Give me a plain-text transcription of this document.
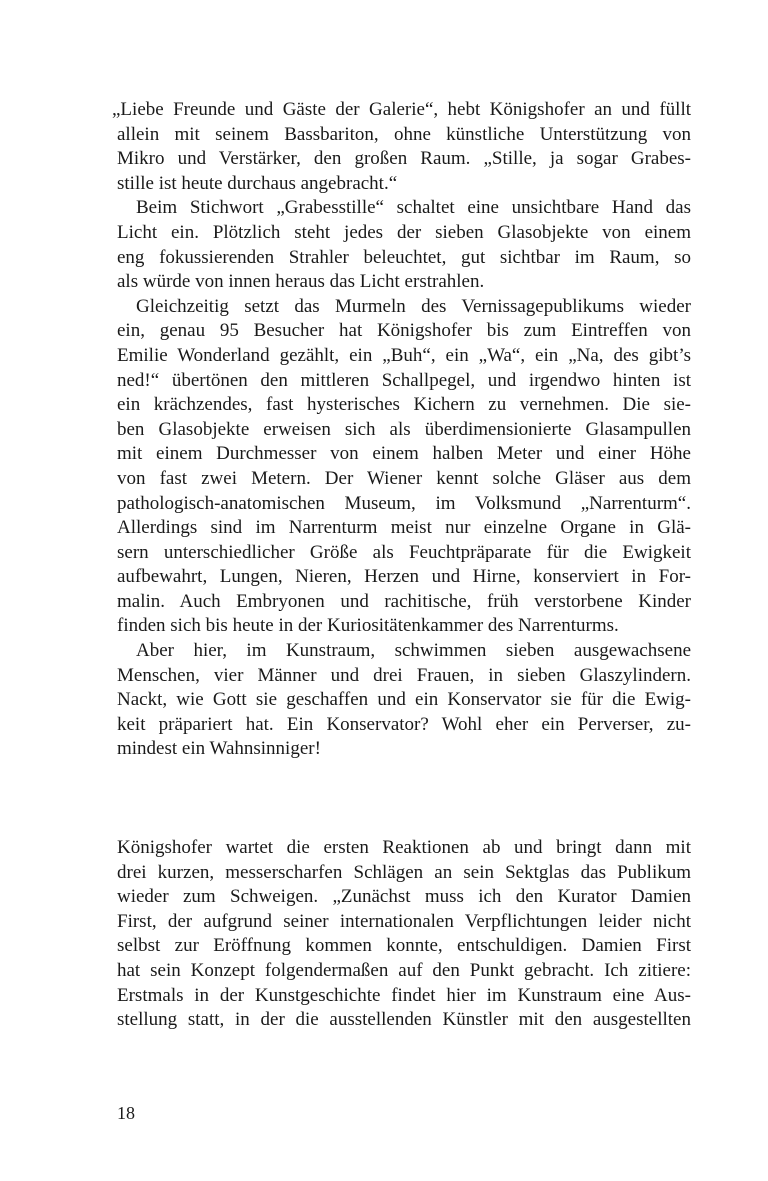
„Liebe Freunde und Gäste der Galerie“, hebt Königshofer an und füllt
allein mit seinem Bassbariton, ohne künstliche Unterstützung von
Mikro und Verstärker, den großen Raum. „Stille, ja sogar Grabes-
stille ist heute durchaus angebracht.“
Beim Stichwort „Grabesstille“ schaltet eine unsichtbare Hand das
Licht ein. Plötzlich steht jedes der sieben Glasobjekte von einem
eng fokussierenden Strahler beleuchtet, gut sichtbar im Raum, so
als würde von innen heraus das Licht erstrahlen.
Gleichzeitig setzt das Murmeln des Vernissagepublikums wieder
ein, genau 95 Besucher hat Königshofer bis zum Eintreffen von
Emilie Wonderland gezählt, ein „Buh“, ein „Wa“, ein „Na, des gibt’s
ned!“ übertönen den mittleren Schallpegel, und irgendwo hinten ist
ein krächzendes, fast hysterisches Kichern zu vernehmen. Die sie-
ben Glasobjekte erweisen sich als überdimensionierte Glasampullen
mit einem Durchmesser von einem halben Meter und einer Höhe
von fast zwei Metern. Der Wiener kennt solche Gläser aus dem
pathologisch-anatomischen Museum, im Volksmund „Narrenturm“.
Allerdings sind im Narrenturm meist nur einzelne Organe in Glä-
sern unterschiedlicher Größe als Feuchtpräparate für die Ewigkeit
aufbewahrt, Lungen, Nieren, Herzen und Hirne, konserviert in For-
malin. Auch Embryonen und rachitische, früh verstorbene Kinder
finden sich bis heute in der Kuriositätenkammer des Narrenturms.
Aber hier, im Kunstraum, schwimmen sieben ausgewachsene
Menschen, vier Männer und drei Frauen, in sieben Glaszylindern.
Nackt, wie Gott sie geschaffen und ein Konservator sie für die Ewig-
keit präpariert hat. Ein Konservator? Wohl eher ein Perverser, zu-
mindest ein Wahnsinniger!
Königshofer wartet die ersten Reaktionen ab und bringt dann mit
drei kurzen, messerscharfen Schlägen an sein Sektglas das Publikum
wieder zum Schweigen. „Zunächst muss ich den Kurator Damien
First, der aufgrund seiner internationalen Verpflichtungen leider nicht
selbst zur Eröffnung kommen konnte, entschuldigen. Damien First
hat sein Konzept folgendermaßen auf den Punkt gebracht. Ich zitiere:
Erstmals in der Kunstgeschichte findet hier im Kunstraum eine Aus-
stellung statt, in der die ausstellenden Künstler mit den ausgestellten
18
